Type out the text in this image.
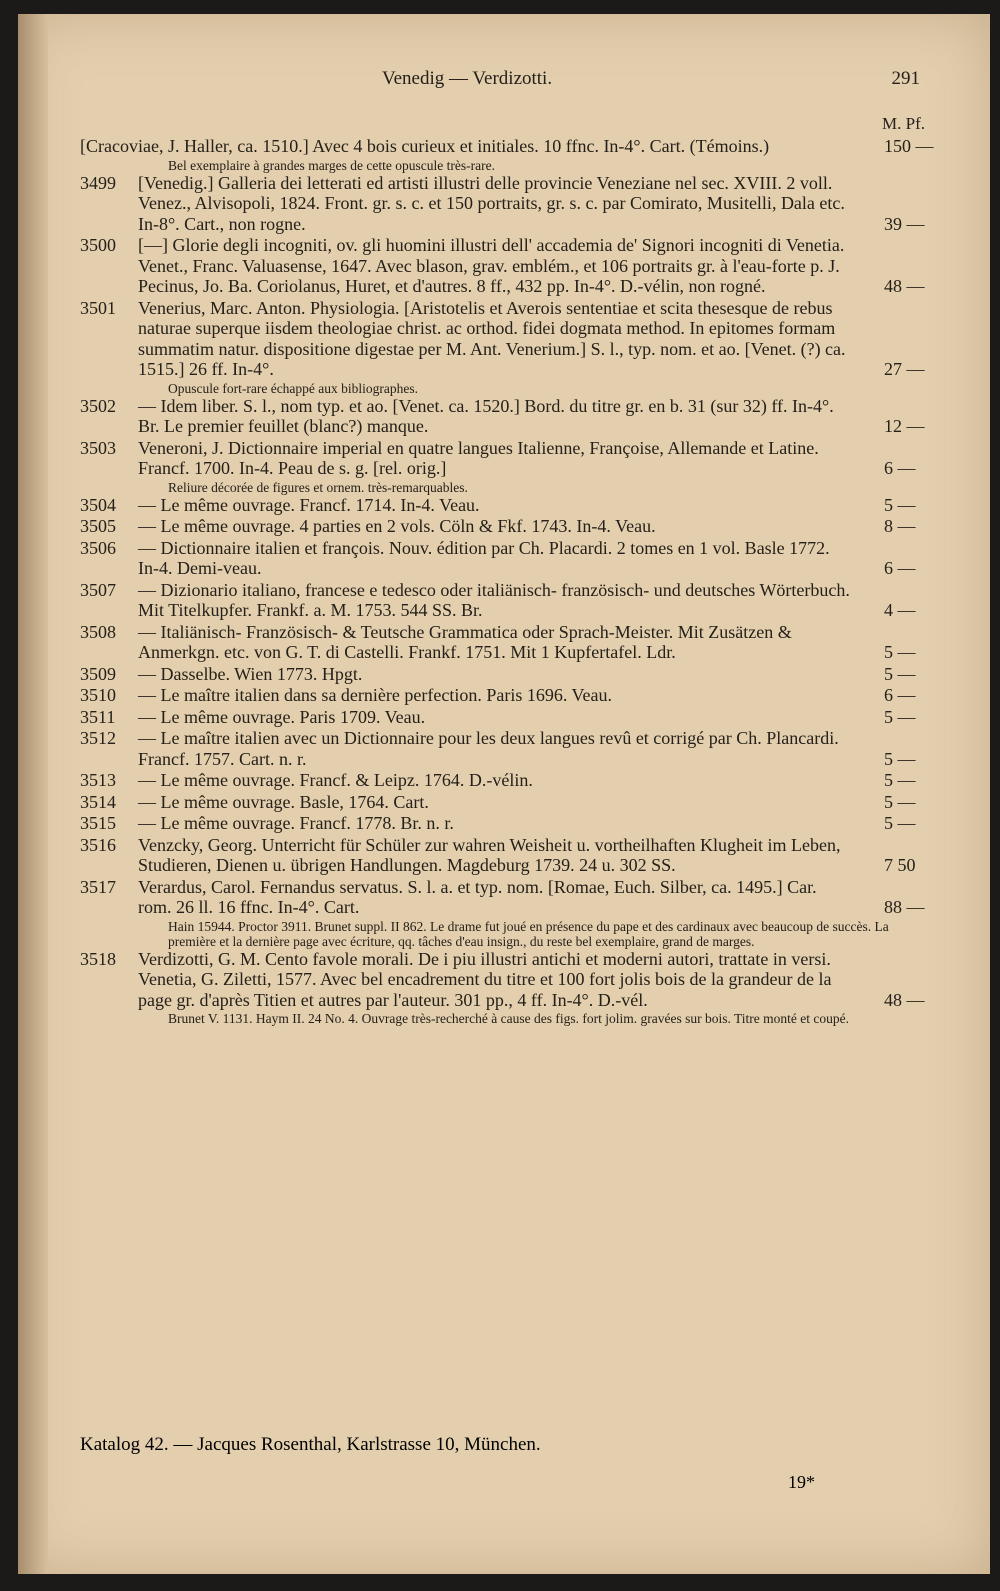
Venedig — Verdizotti.	291
M. Pf.
[Cracoviae, J. Haller, ca. 1510.] Avec 4 bois curieux et initiales. 10 ffnc. In-4°. Cart. (Témoins.)	150 —
Bel exemplaire à grandes marges de cette opuscule très-rare.
3499	[Venedig.] Galleria dei letterati ed artisti illustri delle provincie Veneziane nel sec. XVIII. 2 voll. Venez., Alvisopoli, 1824. Front. gr. s. c. et 150 portraits, gr. s. c. par Comirato, Musitelli, Dala etc. In-8°. Cart., non rogne.	39 —
3500	[—] Glorie degli incogniti, ov. gli huomini illustri dell' accademia de' Signori incogniti di Venetia. Venet., Franc. Valuasense, 1647. Avec blason, grav. emblém., et 106 portraits gr. à l'eau-forte p. J. Pecinus, Jo. Ba. Coriolanus, Huret, et d'autres. 8 ff., 432 pp. In-4°. D.-vélin, non rogné.	48 —
3501	Venerius, Marc. Anton. Physiologia. [Aristotelis et Averois sententiae et scita thesesque de rebus naturae superque iisdem theologiae christ. ac orthod. fidei dogmata method. In epitomes formam summatim natur. dispositione digestae per M. Ant. Venerium.] S. l., typ. nom. et ao. [Venet. (?) ca. 1515.] 26 ff. In-4°.	27 —
Opuscule fort-rare échappé aux bibliographes.
3502	— Idem liber. S. l., nom typ. et ao. [Venet. ca. 1520.] Bord. du titre gr. en b. 31 (sur 32) ff. In-4°. Br. Le premier feuillet (blanc?) manque.	12 —
3503	Veneroni, J. Dictionnaire imperial en quatre langues Italienne, Françoise, Allemande et Latine. Francf. 1700. In-4. Peau de s. g. [rel. orig.]	6 —
Reliure décorée de figures et ornem. très-remarquables.
3504	— Le même ouvrage. Francf. 1714. In-4. Veau.	5 —
3505	— Le même ouvrage. 4 parties en 2 vols. Cöln & Fkf. 1743. In-4. Veau.	8 —
3506	— Dictionnaire italien et françois. Nouv. édition par Ch. Placardi. 2 tomes en 1 vol. Basle 1772. In-4. Demi-veau.	6 —
3507	— Dizionario italiano, francese e tedesco oder italiänisch- französisch- und deutsches Wörterbuch. Mit Titelkupfer. Frankf. a. M. 1753. 544 SS. Br.	4 —
3508	— Italiänisch- Französisch- & Teutsche Grammatica oder Sprach-Meister. Mit Zusätzen & Anmerkgn. etc. von G. T. di Castelli. Frankf. 1751. Mit 1 Kupfertafel. Ldr.	5 —
3509	— Dasselbe. Wien 1773. Hpgt.	5 —
3510	— Le maître italien dans sa dernière perfection. Paris 1696. Veau.	6 —
3511	— Le même ouvrage. Paris 1709. Veau.	5 —
3512	— Le maître italien avec un Dictionnaire pour les deux langues revû et corrigé par Ch. Plancardi. Francf. 1757. Cart. n. r.	5 —
3513	— Le même ouvrage. Francf. & Leipz. 1764. D.-vélin.	5 —
3514	— Le même ouvrage. Basle, 1764. Cart.	5 —
3515	— Le même ouvrage. Francf. 1778. Br. n. r.	5 —
3516	Venzcky, Georg. Unterricht für Schüler zur wahren Weisheit u. vortheilhaften Klugheit im Leben, Studieren, Dienen u. übrigen Handlungen. Magdeburg 1739. 24 u. 302 SS.	7 50
3517	Verardus, Carol. Fernandus servatus. S. l. a. et typ. nom. [Romae, Euch. Silber, ca. 1495.] Car. rom. 26 ll. 16 ffnc. In-4°. Cart.	88 —
Hain 15944. Proctor 3911. Brunet suppl. II 862. Le drame fut joué en présence du pape et des cardinaux avec beaucoup de succès. La première et la dernière page avec écriture, qq. tâches d'eau insign., du reste bel exemplaire, grand de marges.
3518	Verdizotti, G. M. Cento favole morali. De i piu illustri antichi et moderni autori, trattate in versi. Venetia, G. Ziletti, 1577. Avec bel encadrement du titre et 100 fort jolis bois de la grandeur de la page gr. d'après Titien et autres par l'auteur. 301 pp., 4 ff. In-4°. D.-vél.	48 —
Brunet V. 1131. Haym II. 24 No. 4. Ouvrage très-recherché à cause des figs. fort jolim. gravées sur bois. Titre monté et coupé.
Katalog 42. — Jacques Rosenthal, Karlstrasse 10, München.
19*
